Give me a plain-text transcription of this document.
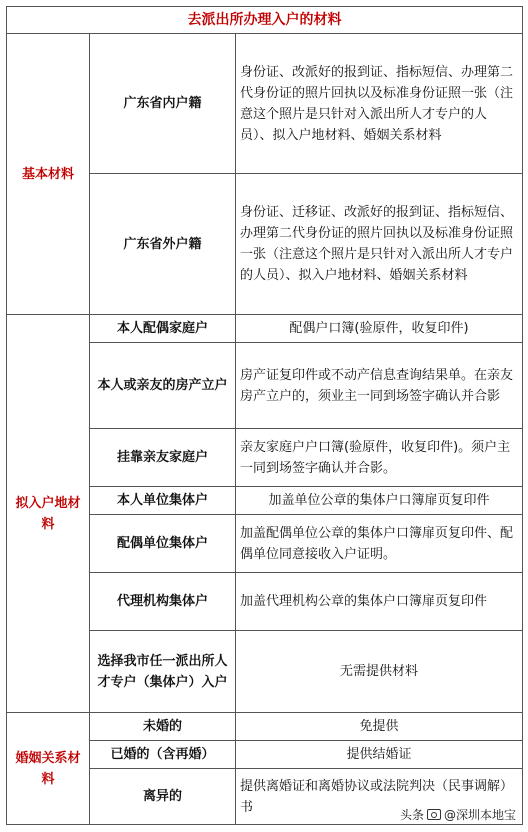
去派出所办理入户的材料		
基本材料	广东省内户籍	身份证、改派好的报到证、指标短信、办理第二代身份证的照片回执以及标准身份证照一张（注意这个照片是只针对入派出所人才专户的人员）、拟入户地材料、婚姻关系材料
	广东省外户籍	身份证、迁移证、改派好的报到证、指标短信、办理第二代身份证的照片回执以及标准身份证照一张（注意这个照片是只针对入派出所人才专户的人员）、拟入户地材料、婚姻关系材料
拟入户地材料	本人配偶家庭户	配偶户口簿(验原件，收复印件)
	本人或亲友的房产立户	房产证复印件或不动产信息查询结果单。在亲友房产立户的，须业主一同到场签字确认并合影
	挂靠亲友家庭户	亲友家庭户户口簿(验原件，收复印件)。须户主一同到场签字确认并合影。
	本人单位集体户	加盖单位公章的集体户口簿扉页复印件
	配偶单位集体户	加盖配偶单位公章的集体户口簿扉页复印件、配偶单位同意接收入户证明。
	代理机构集体户	加盖代理机构公章的集体户口簿扉页复印件
	选择我市任一派出所人才专户（集体户）入户	无需提供材料
婚姻关系材料	未婚的	免提供
	已婚的（含再婚）	提供结婚证
	离异的	提供离婚证和离婚协议或法院判决（民事调解）书
头条 @深圳本地宝
